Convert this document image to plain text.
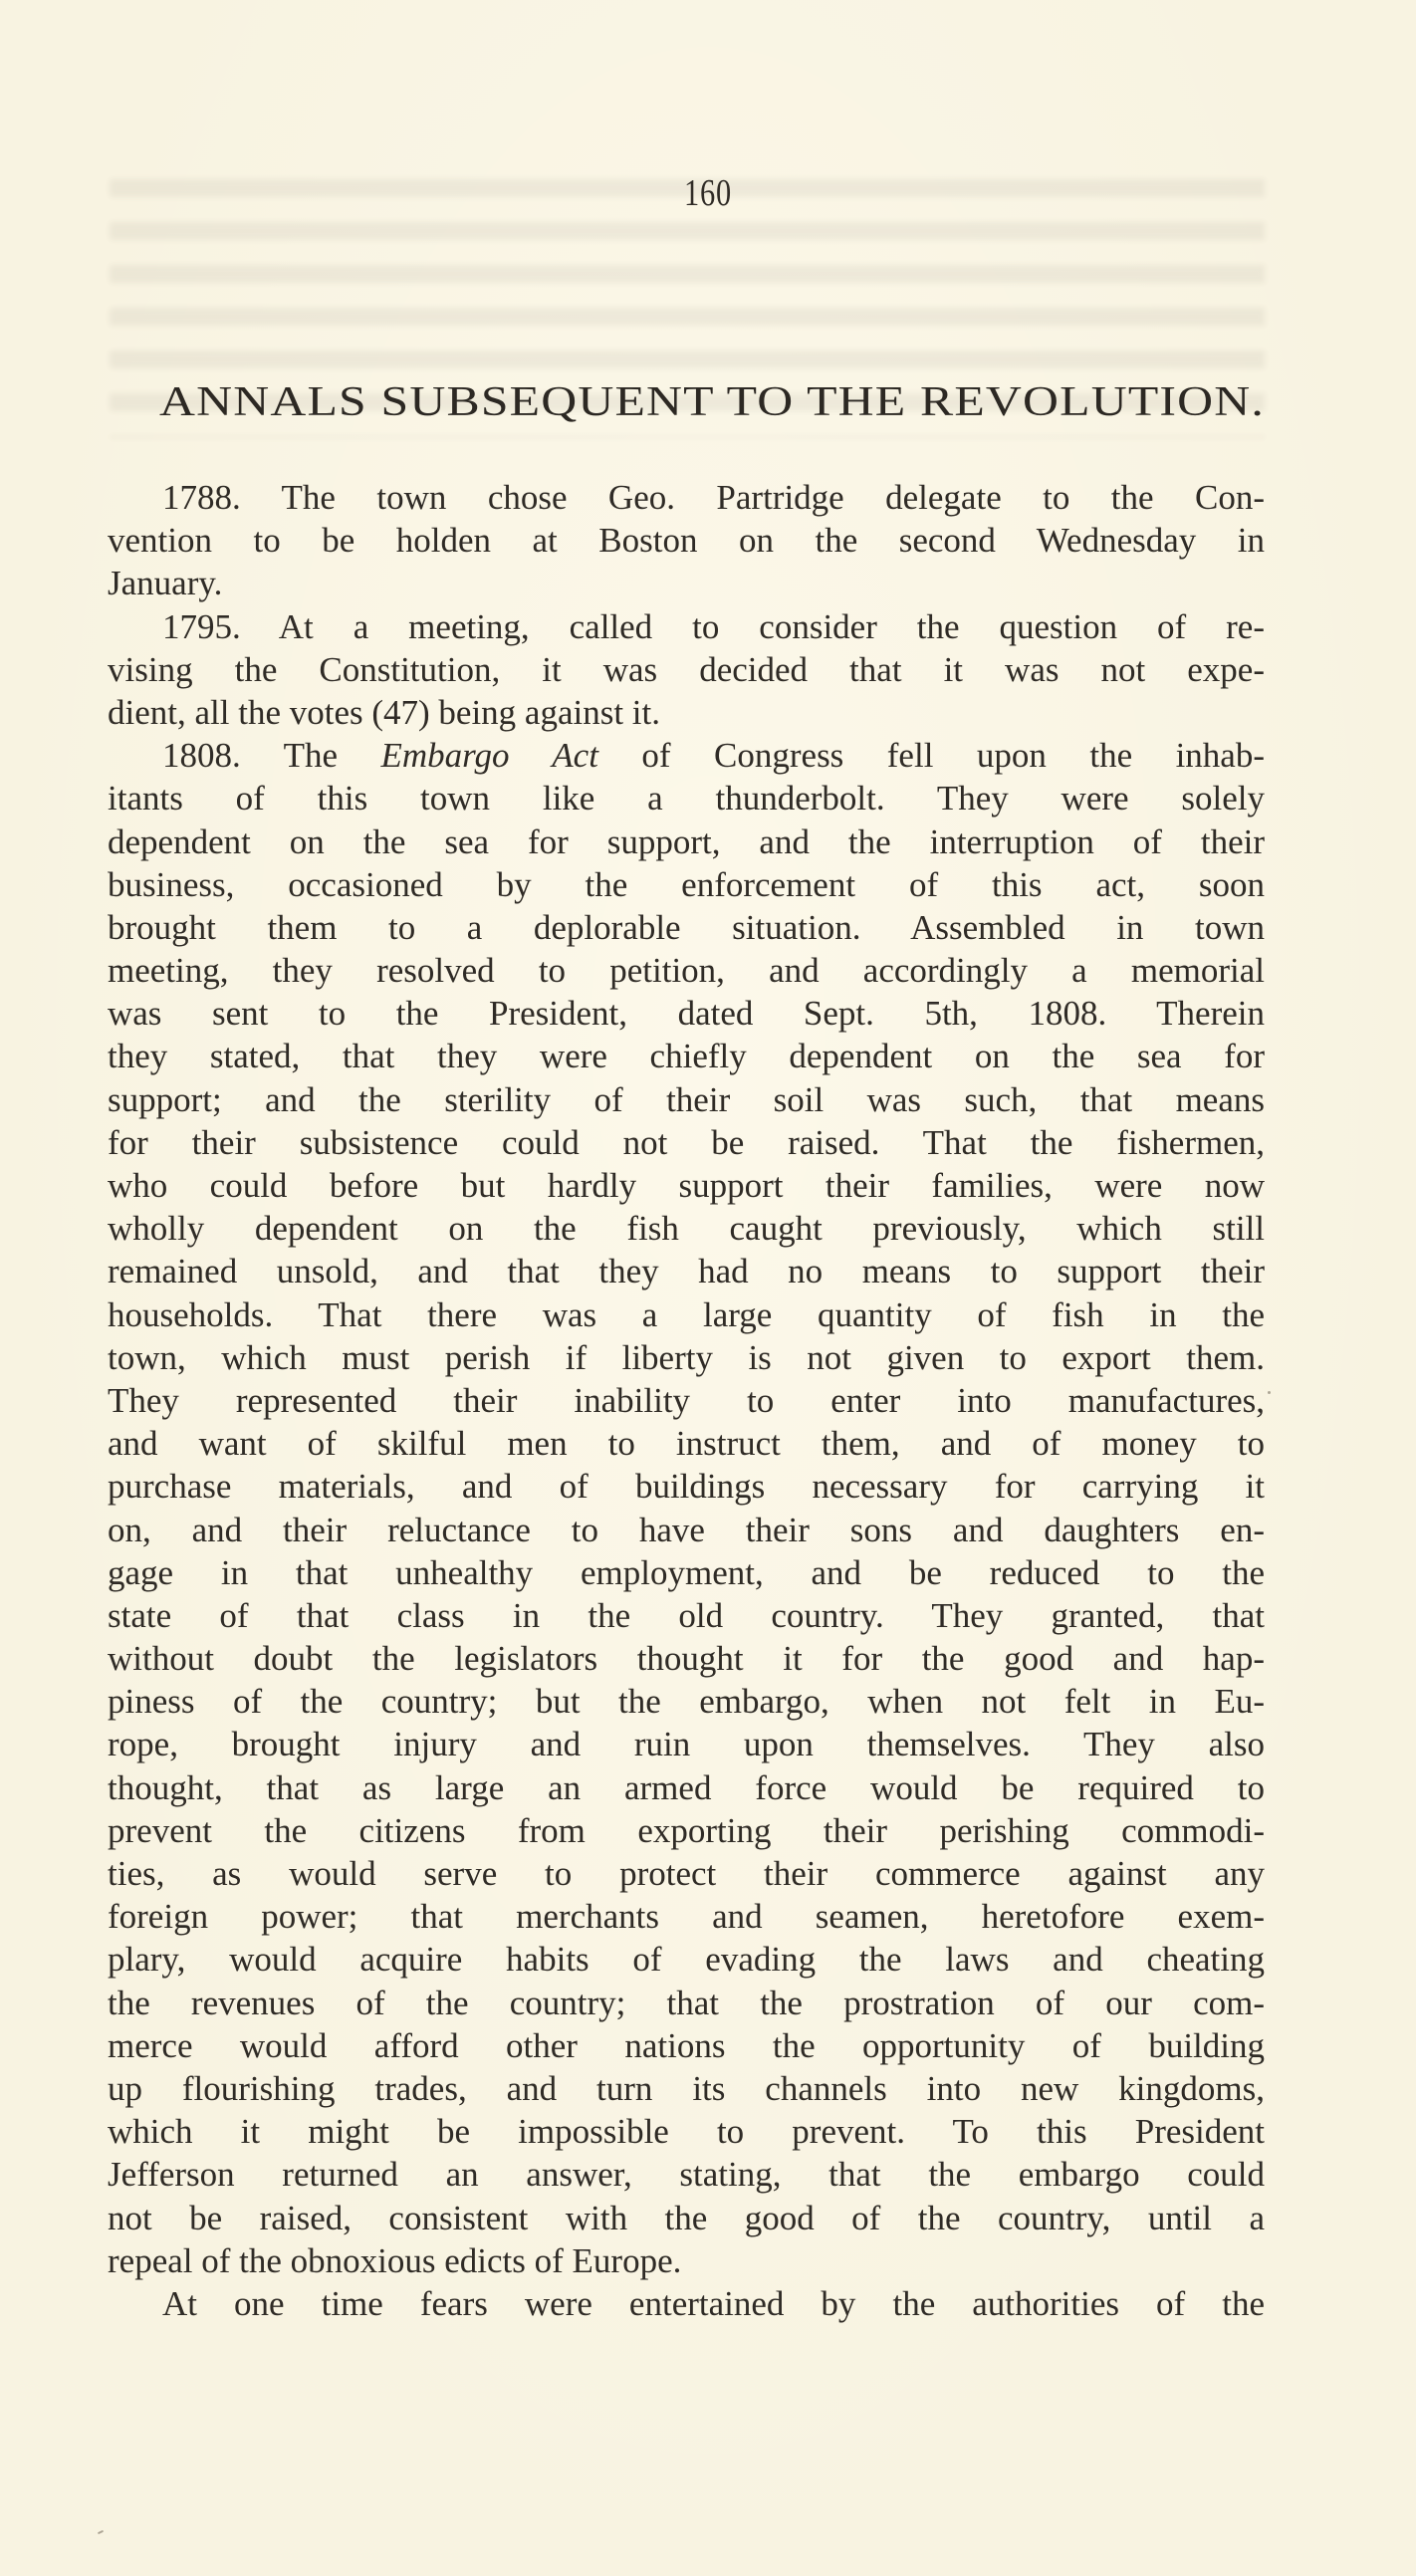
160
ANNALS SUBSEQUENT TO THE REVOLUTION.
1788. The town chose Geo. Partridge delegate to the Con-
vention to be holden at Boston on the second Wednesday in
January.
1795. At a meeting, called to consider the question of re-
vising the Constitution, it was decided that it was not expe-
dient, all the votes (47) being against it.
1808. The Embargo Act of Congress fell upon the inhab-
itants of this town like a thunderbolt. They were solely
dependent on the sea for support, and the interruption of their
business, occasioned by the enforcement of this act, soon
brought them to a deplorable situation. Assembled in town
meeting, they resolved to petition, and accordingly a memorial
was sent to the President, dated Sept. 5th, 1808. Therein
they stated, that they were chiefly dependent on the sea for
support; and the sterility of their soil was such, that means
for their subsistence could not be raised. That the fishermen,
who could before but hardly support their families, were now
wholly dependent on the fish caught previously, which still
remained unsold, and that they had no means to support their
households. That there was a large quantity of fish in the
town, which must perish if liberty is not given to export them.
They represented their inability to enter into manufactures,
and want of skilful men to instruct them, and of money to
purchase materials, and of buildings necessary for carrying it
on, and their reluctance to have their sons and daughters en-
gage in that unhealthy employment, and be reduced to the
state of that class in the old country. They granted, that
without doubt the legislators thought it for the good and hap-
piness of the country; but the embargo, when not felt in Eu-
rope, brought injury and ruin upon themselves. They also
thought, that as large an armed force would be required to
prevent the citizens from exporting their perishing commodi-
ties, as would serve to protect their commerce against any
foreign power; that merchants and seamen, heretofore exem-
plary, would acquire habits of evading the laws and cheating
the revenues of the country; that the prostration of our com-
merce would afford other nations the opportunity of building
up flourishing trades, and turn its channels into new kingdoms,
which it might be impossible to prevent. To this President
Jefferson returned an answer, stating, that the embargo could
not be raised, consistent with the good of the country, until a
repeal of the obnoxious edicts of Europe.
At one time fears were entertained by the authorities of the
